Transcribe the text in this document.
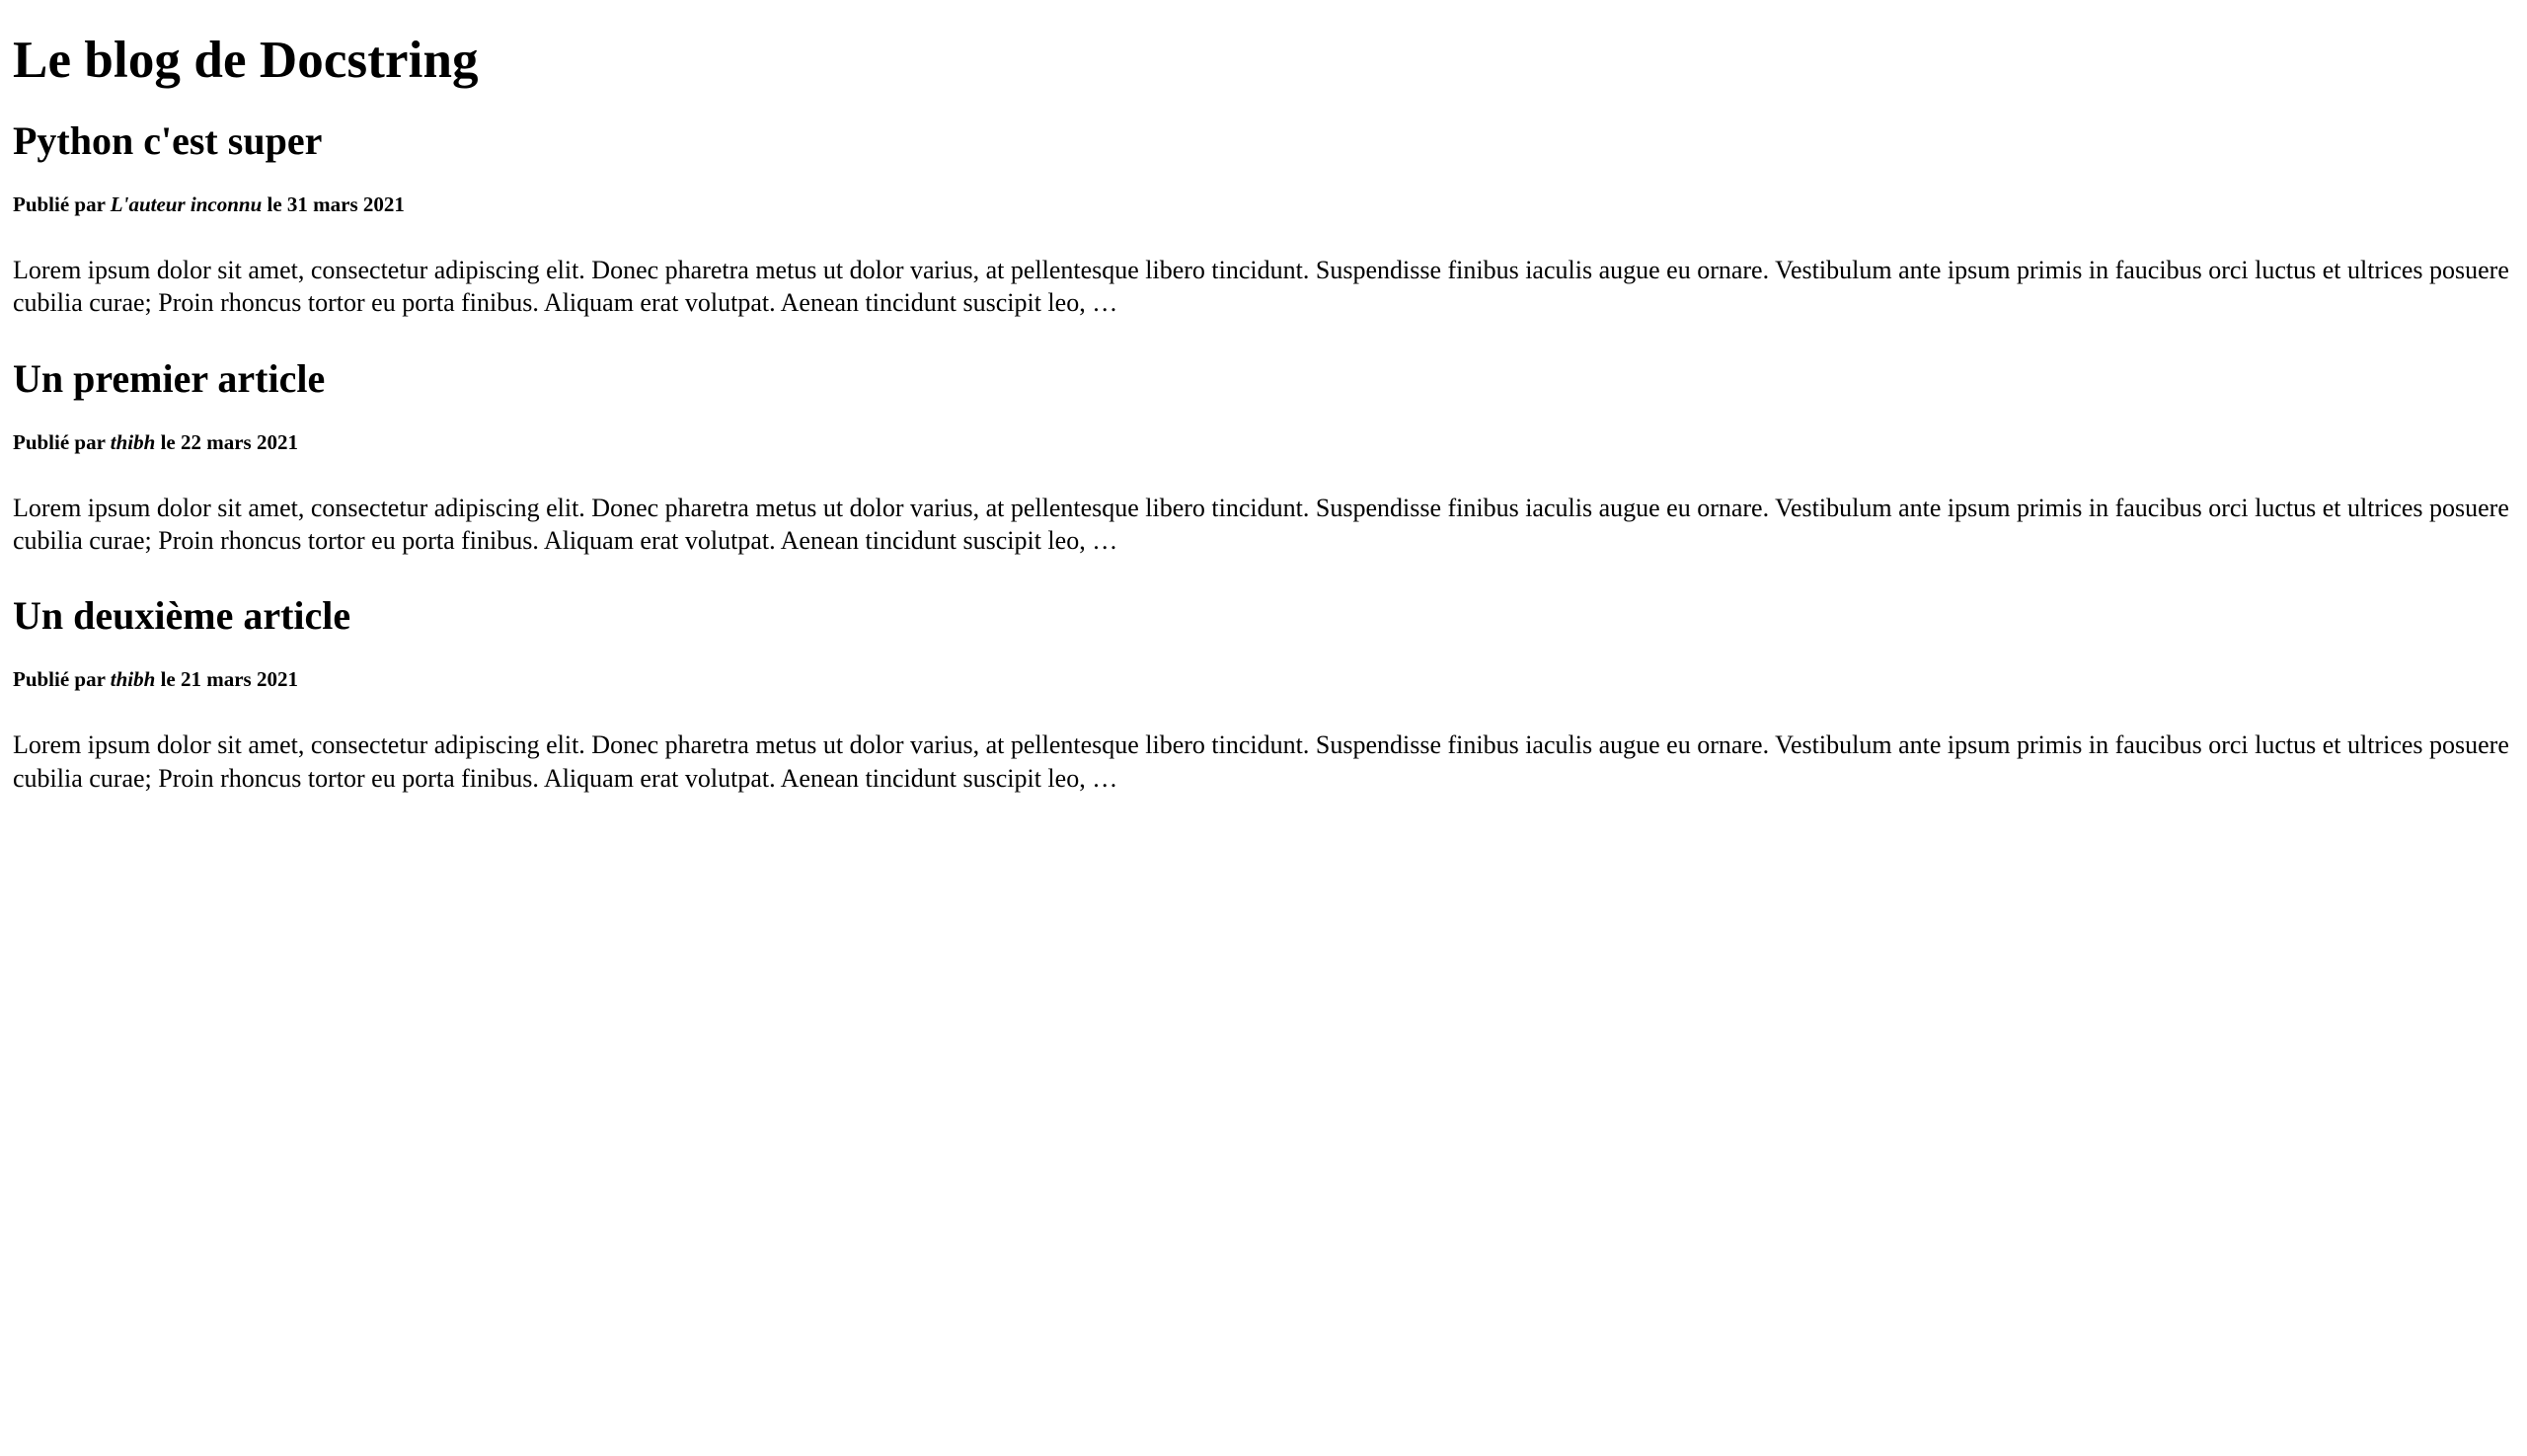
Le blog de Docstring
Python c'est super

Publié par L'auteur inconnu le 31 mars 2021

Lorem ipsum dolor sit amet, consectetur adipiscing elit. Donec pharetra metus ut dolor varius, at pellentesque libero tincidunt. Suspendisse finibus iaculis augue eu ornare. Vestibulum ante ipsum primis in faucibus orci luctus et ultrices posuere cubilia curae; Proin rhoncus tortor eu porta finibus. Aliquam erat volutpat. Aenean tincidunt suscipit leo, …

Un premier article

Publié par thibh le 22 mars 2021

Lorem ipsum dolor sit amet, consectetur adipiscing elit. Donec pharetra metus ut dolor varius, at pellentesque libero tincidunt. Suspendisse finibus iaculis augue eu ornare. Vestibulum ante ipsum primis in faucibus orci luctus et ultrices posuere cubilia curae; Proin rhoncus tortor eu porta finibus. Aliquam erat volutpat. Aenean tincidunt suscipit leo, …

Un deuxième article

Publié par thibh le 21 mars 2021

Lorem ipsum dolor sit amet, consectetur adipiscing elit. Donec pharetra metus ut dolor varius, at pellentesque libero tincidunt. Suspendisse finibus iaculis augue eu ornare. Vestibulum ante ipsum primis in faucibus orci luctus et ultrices posuere cubilia curae; Proin rhoncus tortor eu porta finibus. Aliquam erat volutpat. Aenean tincidunt suscipit leo, …
